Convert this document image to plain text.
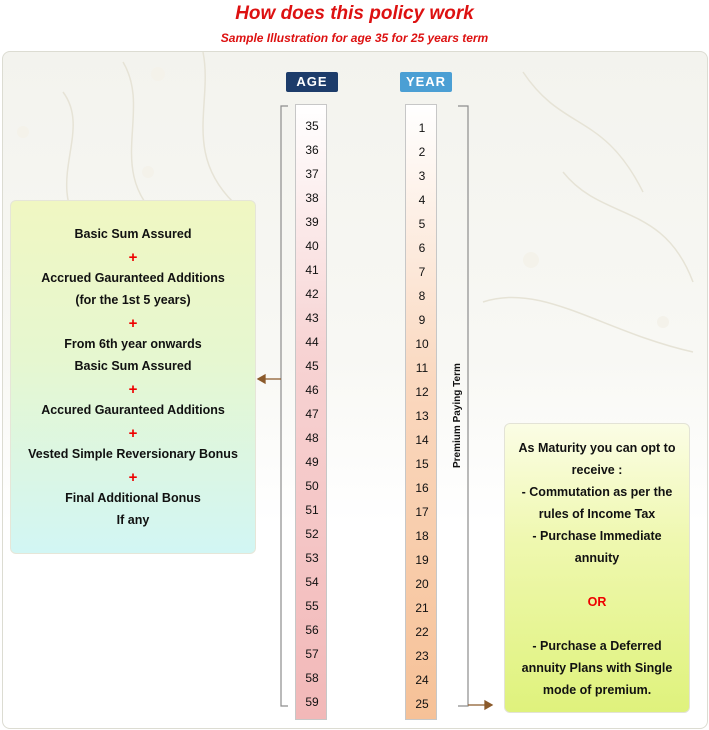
How does this policy work
Sample Illustration for age 35 for 25 years term
AGE	YEAR
35
36
37
38
39
40
41
42
43
44
45
46
47
48
49
50
51
52
53
54
55
56
57
58
59
1
2
3
4
5
6
7
8
9
10
11
12
13
14
15
16
17
18
19
20
21
22
23
24
25
Premium Paying Term
Basic Sum Assured
+
Accrued Gauranteed Additions
(for the 1st 5 years)
+
From 6th year onwards
Basic Sum Assured
+
Accured Gauranteed Additions
+
Vested Simple Reversionary Bonus
+
Final Additional Bonus
If any
As Maturity you can opt to
receive :
- Commutation as per the
rules of Income Tax
- Purchase Immediate
annuity
OR
- Purchase a Deferred
annuity Plans with Single
mode of premium.
